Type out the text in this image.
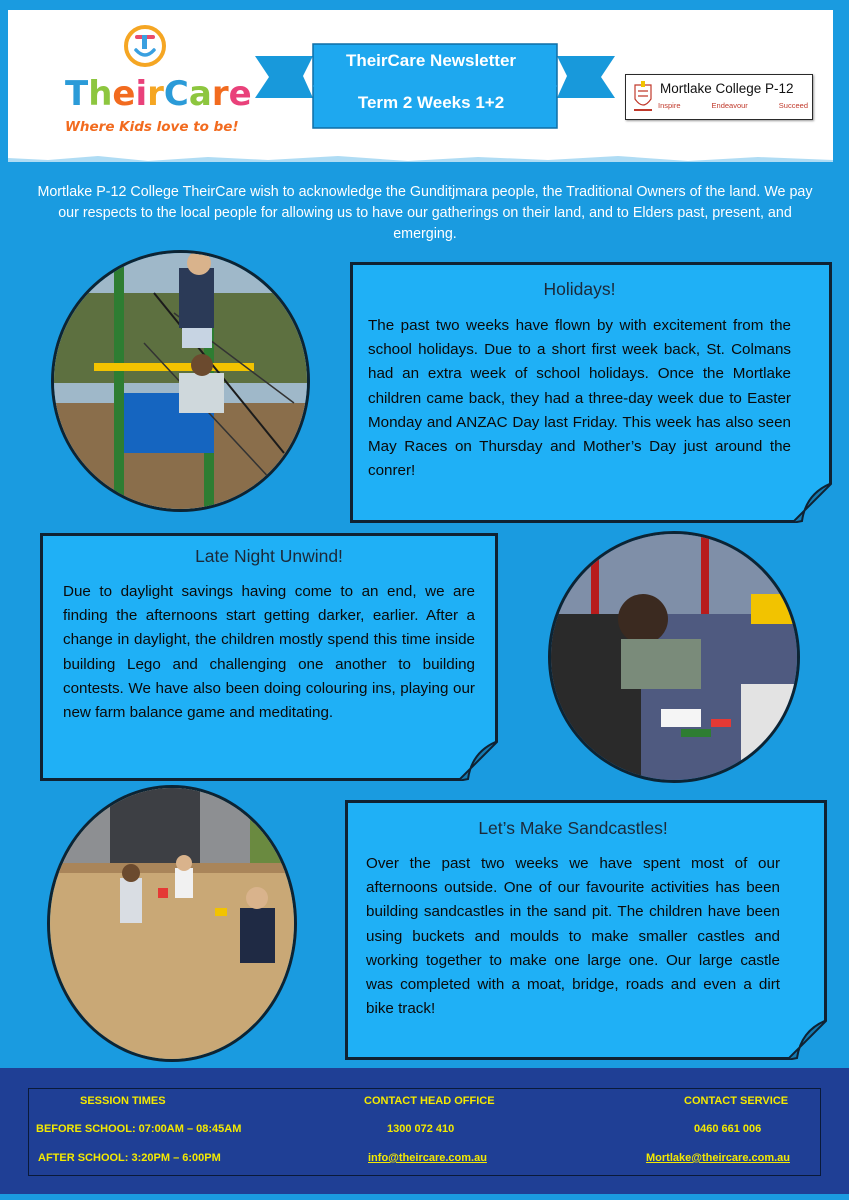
TheirCare
Where Kids love to be!
TheirCare Newsletter
Term 2 Weeks 1+2
Mortlake College P-12
Inspire	Endeavour	Succeed
Mortlake P-12 College TheirCare wish to acknowledge the Gunditjmara people, the Traditional Owners of the land. We pay our respects to the local people for allowing us to have our gatherings on their land, and to Elders past, present, and emerging.
Holidays!

The past two weeks have flown by with excitement from the school holidays. Due to a short first week back, St. Colmans had an extra week of school holidays. Once the Mortlake children came back, they had a three-day week due to Easter Monday and ANZAC Day last Friday. This week has also seen May Races on Thursday and Mother’s Day just around the conrer!

Late Night Unwind!

Due to daylight savings having come to an end, we are finding the afternoons start getting darker, earlier. After a change in daylight, the children mostly spend this time inside building Lego and challenging one another to building contests. We have also been doing colouring ins, playing our new farm balance game and meditating.

Let’s Make Sandcastles!

Over the past two weeks we have spent most of our afternoons outside. One of our favourite activities has been building sandcastles in the sand pit. The children have been using buckets and moulds to make smaller castles and working together to make one large one. Our large castle was completed with a moat, bridge, roads and even a dirt bike track!

SESSION TIMES
BEFORE SCHOOL: 07:00AM – 08:45AM
AFTER SCHOOL: 3:20PM – 6:00PM
CONTACT HEAD OFFICE
1300 072 410
info@theircare.com.au
CONTACT SERVICE
0460 661 006
Mortlake@theircare.com.au
